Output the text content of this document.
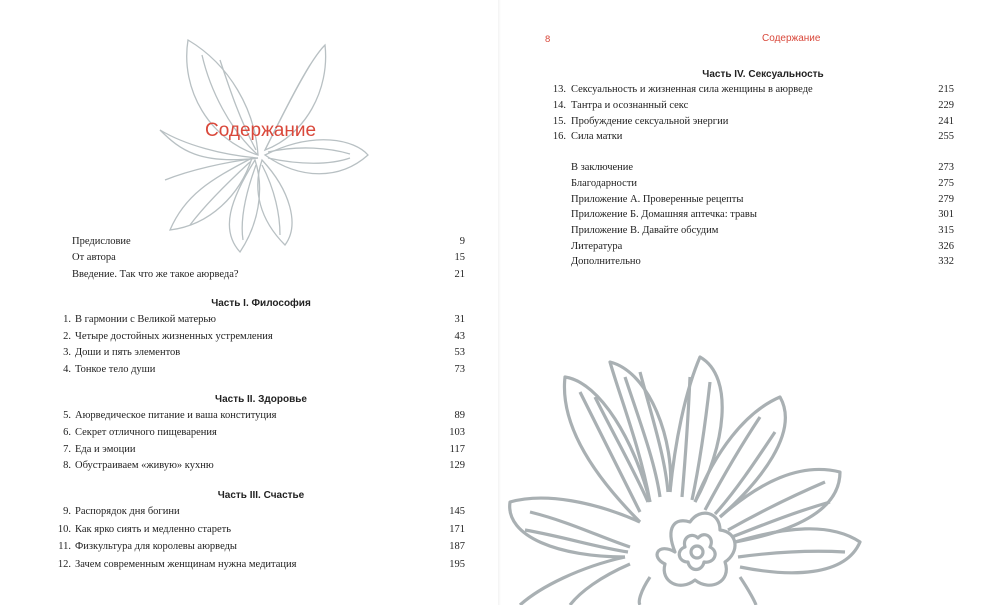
Содержание
Предисловие	9
От автора	15
Введение. Так что же такое аюрведа?	21
Часть I. Философия
1. В гармонии с Великой матерью	31
2. Четыре достойных жизненных устремления	43
3. Доши и пять элементов	53
4. Тонкое тело души	73
Часть II. Здоровье
5. Аюрведическое питание и ваша конституция	89
6. Секрет отличного пищеварения	103
7. Еда и эмоции	117
8. Обустраиваем «живую» кухню	129
Часть III. Счастье
9. Распорядок дня богини	145
10. Как ярко сиять и медленно стареть	171
11. Физкультура для королевы аюрведы	187
12. Зачем современным женщинам нужна медитация	195
8	Содержание
Часть IV. Сексуальность
13. Сексуальность и жизненная сила женщины в аюрведе	215
14. Тантра и осознанный секс	229
15. Пробуждение сексуальной энергии	241
16. Сила матки	255
В заключение	273
Благодарности	275
Приложение А. Проверенные рецепты	279
Приложение Б. Домашняя аптечка: травы	301
Приложение В. Давайте обсудим	315
Литература	326
Дополнительно	332
